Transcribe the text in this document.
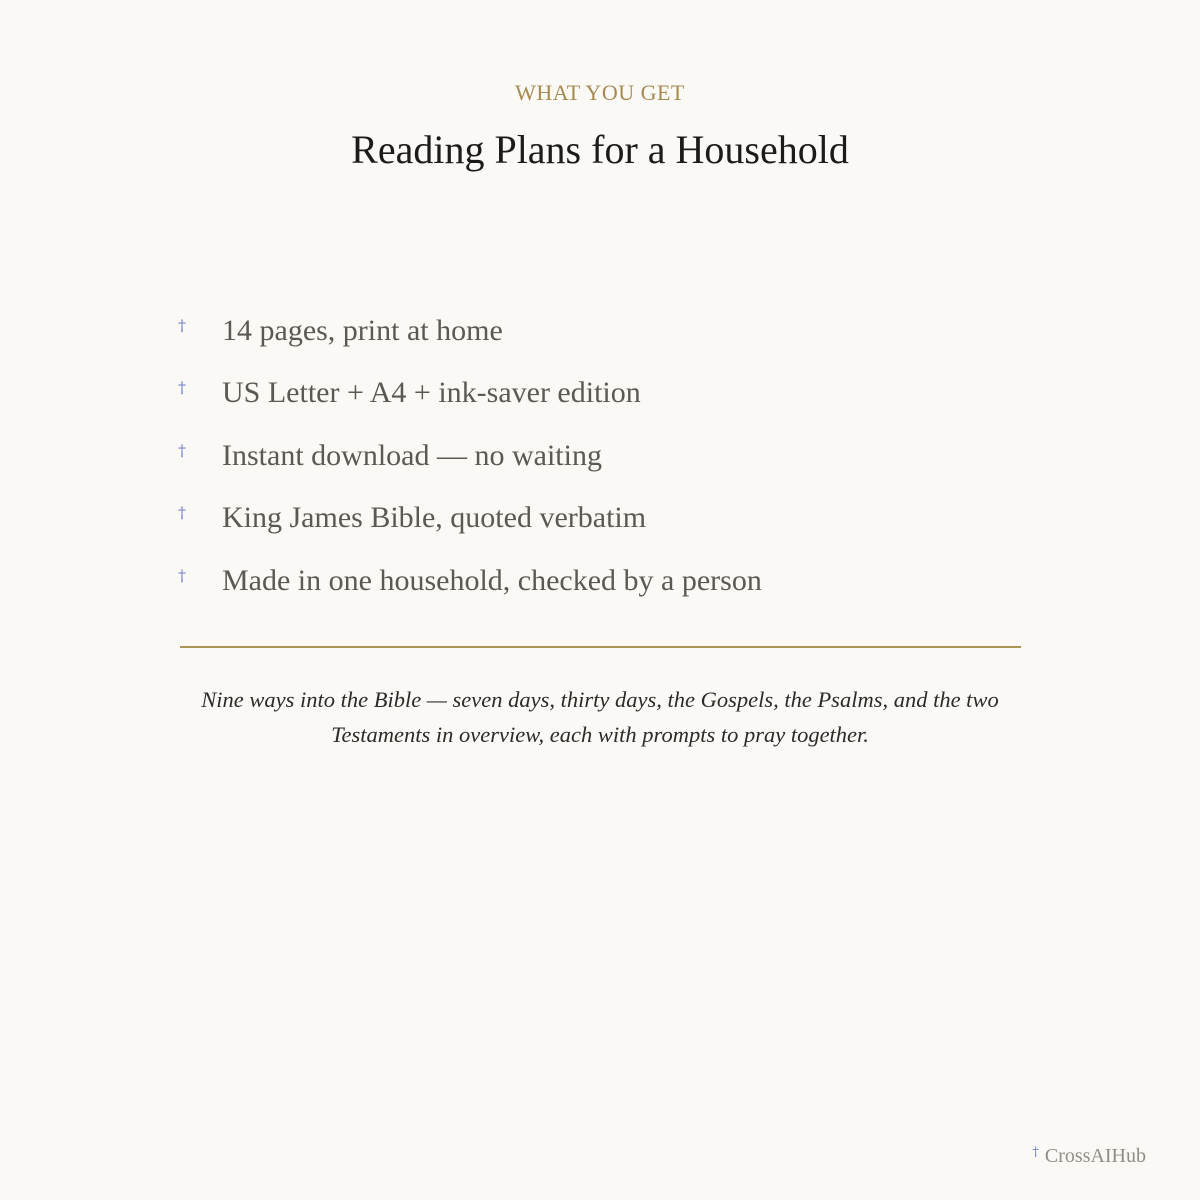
WHAT YOU GET
Reading Plans for a Household
† 14 pages, print at home
† US Letter + A4 + ink-saver edition
† Instant download — no waiting
† King James Bible, quoted verbatim
† Made in one household, checked by a person

Nine ways into the Bible — seven days, thirty days, the Gospels, the Psalms, and the two Testaments in overview, each with prompts to pray together.

† CrossAIHub
